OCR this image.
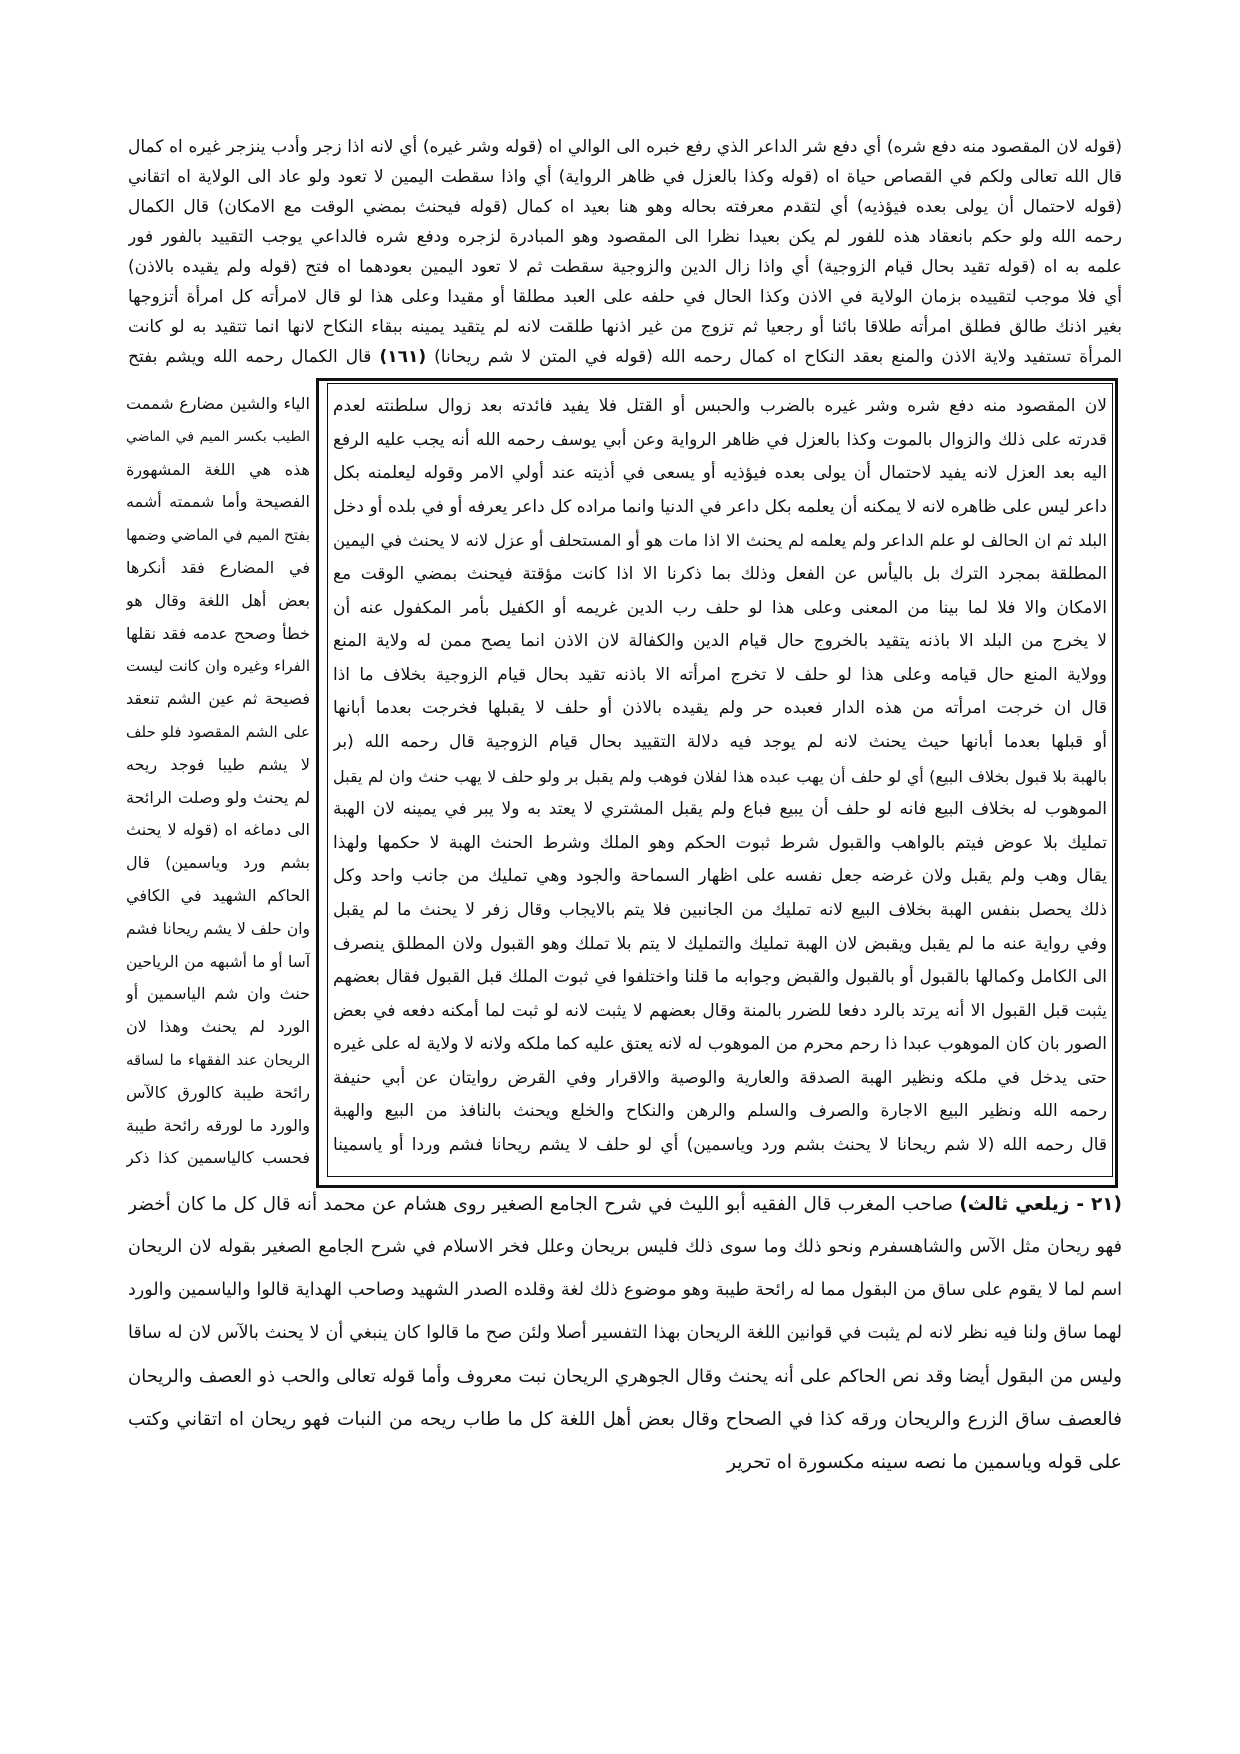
(قوله لان المقصود منه دفع شره) أي دفع شر الداعر الذي رفع خبره الى الوالي اه (قوله وشر غيره) أي لانه اذا زجر وأدب ينزجر غيره اه كمال
قال الله تعالى ولكم في القصاص حياة اه (قوله وكذا بالعزل في ظاهر الرواية) أي واذا سقطت اليمين لا تعود ولو عاد الى الولاية اه اتقاني
(قوله لاحتمال أن يولى بعده فيؤذيه) أي لتقدم معرفته بحاله وهو هنا بعيد اه كمال (قوله فيحنث بمضي الوقت مع الامكان) قال الكمال
رحمه الله ولو حكم بانعقاد هذه للفور لم يكن بعيدا نظرا الى المقصود وهو المبادرة لزجره ودفع شره فالداعي يوجب التقييد بالفور فور
علمه به اه (قوله تقيد بحال قيام الزوجية) أي واذا زال الدين والزوجية سقطت ثم لا تعود اليمين بعودهما اه فتح (قوله ولم يقيده بالاذن)
أي فلا موجب لتقييده بزمان الولاية في الاذن وكذا الحال في حلفه على العبد مطلقا أو مقيدا وعلى هذا لو قال لامرأته كل امرأة أتزوجها
بغير اذنك طالق فطلق امرأته طلاقا بائنا أو رجعيا ثم تزوج من غير اذنها طلقت لانه لم يتقيد يمينه ببقاء النكاح لانها انما تتقيد به لو كانت
المرأة تستفيد ولاية الاذن والمنع بعقد النكاح اه كمال رحمه الله (قوله في المتن لا شم ريحانا) (١٦١) قال الكمال رحمه الله ويشم بفتح
لان المقصود منه دفع شره وشر غيره بالضرب والحبس أو القتل فلا يفيد فائدته بعد زوال سلطنته لعدم
قدرته على ذلك والزوال بالموت وكذا بالعزل في ظاهر الرواية وعن أبي يوسف رحمه الله أنه يجب عليه الرفع
اليه بعد العزل لانه يفيد لاحتمال أن يولى بعده فيؤذيه أو يسعى في أذيته عند أولي الامر وقوله ليعلمنه بكل
داعر ليس على ظاهره لانه لا يمكنه أن يعلمه بكل داعر في الدنيا وانما مراده كل داعر يعرفه أو في بلده أو دخل
البلد ثم ان الحالف لو علم الداعر ولم يعلمه لم يحنث الا اذا مات هو أو المستحلف أو عزل لانه لا يحنث في اليمين
المطلقة بمجرد الترك بل باليأس عن الفعل وذلك بما ذكرنا الا اذا كانت مؤقتة فيحنث بمضي الوقت مع
الامكان والا فلا لما بينا من المعنى وعلى هذا لو حلف رب الدين غريمه أو الكفيل بأمر المكفول عنه أن
لا يخرج من البلد الا باذنه يتقيد بالخروج حال قيام الدين والكفالة لان الاذن انما يصح ممن له ولاية المنع
وولاية المنع حال قيامه وعلى هذا لو حلف لا تخرج امرأته الا باذنه تقيد بحال قيام الزوجية بخلاف ما اذا
قال ان خرجت امرأته من هذه الدار فعبده حر ولم يقيده بالاذن أو حلف لا يقبلها فخرجت بعدما أبانها
أو قبلها بعدما أبانها حيث يحنث لانه لم يوجد فيه دلالة التقييد بحال قيام الزوجية قال رحمه الله (بر
بالهبة بلا قبول بخلاف البيع) أي لو حلف أن يهب عبده هذا لفلان فوهب ولم يقبل بر ولو حلف لا يهب حنث وان لم يقبل
الموهوب له بخلاف البيع فانه لو حلف أن يبيع فباع ولم يقبل المشتري لا يعتد به ولا يبر في يمينه لان الهبة
تمليك بلا عوض فيتم بالواهب والقبول شرط ثبوت الحكم وهو الملك وشرط الحنث الهبة لا حكمها ولهذا
يقال وهب ولم يقبل ولان غرضه جعل نفسه على اظهار السماحة والجود وهي تمليك من جانب واحد وكل
ذلك يحصل بنفس الهبة بخلاف البيع لانه تمليك من الجانبين فلا يتم بالايجاب وقال زفر لا يحنث ما لم يقبل
وفي رواية عنه ما لم يقبل ويقبض لان الهبة تمليك والتمليك لا يتم بلا تملك وهو القبول ولان المطلق ينصرف
الى الكامل وكمالها بالقبول أو بالقبول والقبض وجوابه ما قلنا واختلفوا في ثبوت الملك قبل القبول فقال بعضهم
يثبت قبل القبول الا أنه يرتد بالرد دفعا للضرر بالمنة وقال بعضهم لا يثبت لانه لو ثبت لما أمكنه دفعه في بعض
الصور بان كان الموهوب عبدا ذا رحم محرم من الموهوب له لانه يعتق عليه كما ملكه ولانه لا ولاية له على غيره
حتى يدخل في ملكه ونظير الهبة الصدقة والعارية والوصية والاقرار وفي القرض روايتان عن أبي حنيفة
رحمه الله ونظير البيع الاجارة والصرف والسلم والرهن والنكاح والخلع ويحنث بالنافذ من البيع والهبة
قال رحمه الله (لا شم ريحانا لا يحنث بشم ورد وياسمين) أي لو حلف لا يشم ريحانا فشم وردا أو ياسمينا
الياء والشين مضارع شممت
الطيب بكسر الميم في الماضي
هذه هي اللغة المشهورة
الفصيحة وأما شممته أشمه
بفتح الميم في الماضي وضمها
في المضارع فقد أنكرها
بعض أهل اللغة وقال هو
خطأ وصحح عدمه فقد نقلها
الفراء وغيره وان كانت ليست
فصيحة ثم عين الشم تنعقد
على الشم المقصود فلو حلف
لا يشم طيبا فوجد ريحه
لم يحنث ولو وصلت الرائحة
الى دماغه اه (قوله لا يحنث
بشم ورد وياسمين) قال
الحاكم الشهيد في الكافي
وان حلف لا يشم ريحانا فشم
آسا أو ما أشبهه من الرياحين
حنث وان شم الياسمين أو
الورد لم يحنث وهذا لان
الريحان عند الفقهاء ما لساقه
رائحة طيبة كالورق كالآس
والورد ما لورقه رائحة طيبة
فحسب كالياسمين كذا ذكر
(٢١ - زيلعي ثالث) صاحب المغرب قال الفقيه أبو الليث في شرح الجامع الصغير روى هشام عن محمد أنه قال كل ما كان أخضر
فهو ريحان مثل الآس والشاهسفرم ونحو ذلك وما سوى ذلك فليس بريحان وعلل فخر الاسلام في شرح الجامع الصغير بقوله لان الريحان
اسم لما لا يقوم على ساق من البقول مما له رائحة طيبة وهو موضوع ذلك لغة وقلده الصدر الشهيد وصاحب الهداية قالوا والياسمين والورد
لهما ساق ولنا فيه نظر لانه لم يثبت في قوانين اللغة الريحان بهذا التفسير أصلا ولئن صح ما قالوا كان ينبغي أن لا يحنث بالآس لان له ساقا
وليس من البقول أيضا وقد نص الحاكم على أنه يحنث وقال الجوهري الريحان نبت معروف وأما قوله تعالى والحب ذو العصف والريحان
فالعصف ساق الزرع والريحان ورقه كذا في الصحاح وقال بعض أهل اللغة كل ما طاب ريحه من النبات فهو ريحان اه اتقاني وكتب
على قوله وياسمين ما نصه سينه مكسورة اه تحرير
